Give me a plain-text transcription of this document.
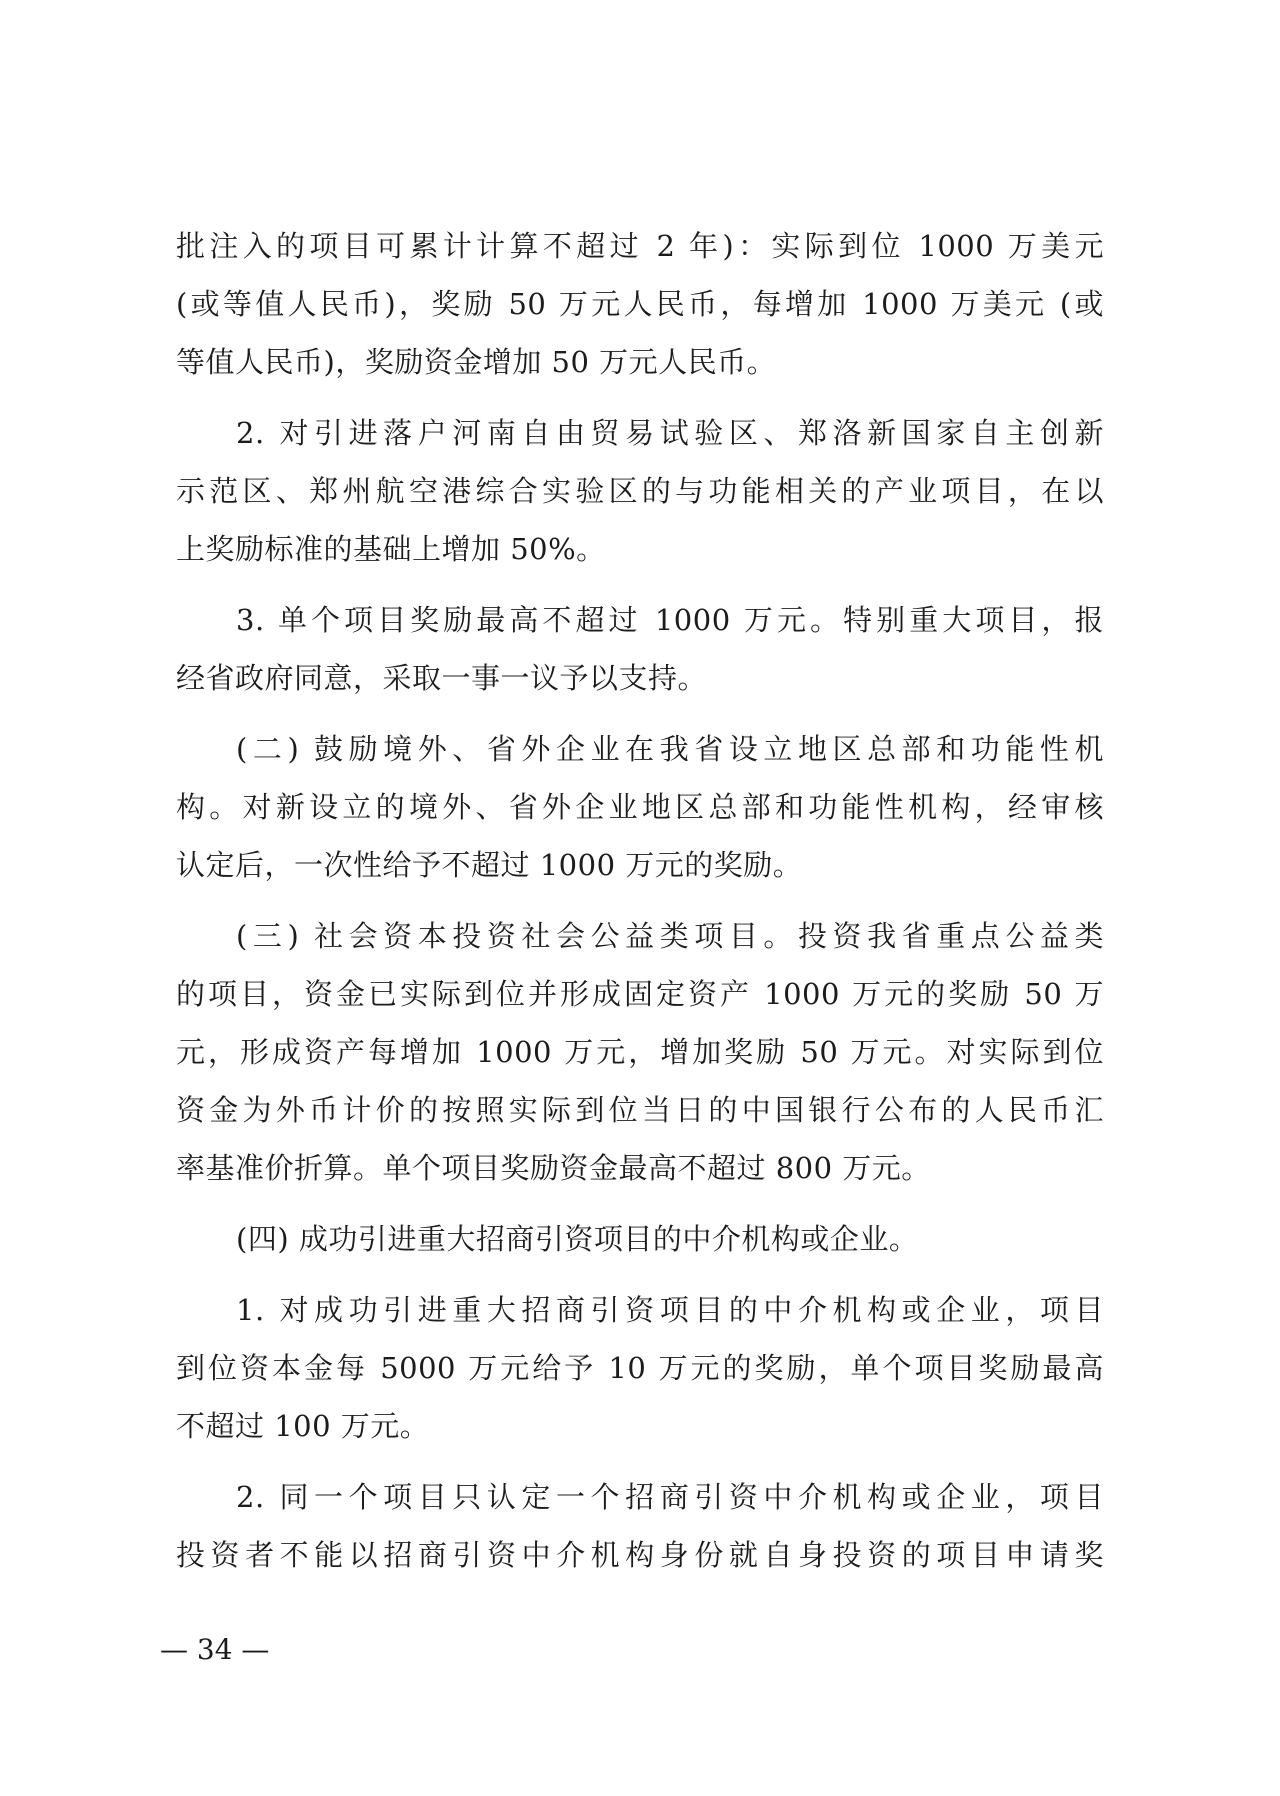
批注入的项目可累计计算不超过 2 年)：实际到位 1000 万美元
(或等值人民币)，奖励 50 万元人民币，每增加 1000 万美元 (或
等值人民币)，奖励资金增加 50 万元人民币。
2. 对引进落户河南自由贸易试验区、郑洛新国家自主创新
示范区、郑州航空港综合实验区的与功能相关的产业项目，在以
上奖励标准的基础上增加 50%。
3. 单个项目奖励最高不超过 1000 万元。特别重大项目，报
经省政府同意，采取一事一议予以支持。
(二) 鼓励境外、省外企业在我省设立地区总部和功能性机
构。对新设立的境外、省外企业地区总部和功能性机构，经审核
认定后，一次性给予不超过 1000 万元的奖励。
(三) 社会资本投资社会公益类项目。投资我省重点公益类
的项目，资金已实际到位并形成固定资产 1000 万元的奖励 50 万
元，形成资产每增加 1000 万元，增加奖励 50 万元。对实际到位
资金为外币计价的按照实际到位当日的中国银行公布的人民币汇
率基准价折算。单个项目奖励资金最高不超过 800 万元。
(四) 成功引进重大招商引资项目的中介机构或企业。
1. 对成功引进重大招商引资项目的中介机构或企业，项目
到位资本金每 5000 万元给予 10 万元的奖励，单个项目奖励最高
不超过 100 万元。
2. 同一个项目只认定一个招商引资中介机构或企业，项目
投资者不能以招商引资中介机构身份就自身投资的项目申请奖
— 34 —
